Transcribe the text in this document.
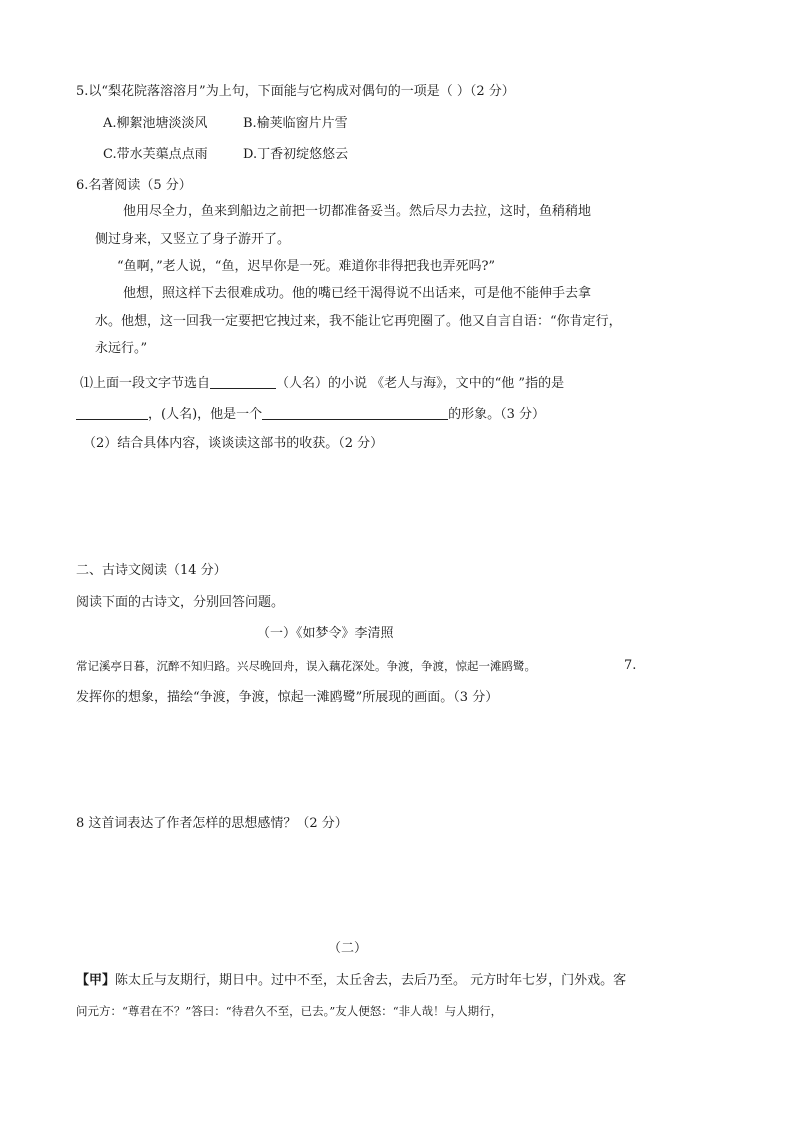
5.以“梨花院落溶溶月”为上句，下面能与它构成对偶句的一项是（ ）（2 分）
A.柳絮池塘淡淡风	B.榆荚临窗片片雪
C.带水芙蕖点点雨	D.丁香初绽悠悠云
6.名著阅读（5 分）
他用尽全力，鱼来到船边之前把一切都准备妥当。然后尽力去拉，这时，鱼稍稍地
侧过身来，又竖立了身子游开了。
“鱼啊，”老人说，“鱼，迟早你是一死。难道你非得把我也弄死吗?”
他想，照这样下去很难成功。他的嘴已经干渴得说不出话来，可是他不能伸手去拿
水。他想，这一回我一定要把它拽过来，我不能让它再兜圈了。他又自言自语：“你肯定行，
永远行。”
⑴上面一段文字节选自	（人名）的小说 《老人与海》，文中的“他 ”指的是
，(人名)，他是一个	的形象。（3 分）
（2）结合具体内容，谈谈读这部书的收获。（2 分）
二、古诗文阅读（14 分）
阅读下面的古诗文，分别回答问题。
（一）《如梦令》李清照
常记溪亭日暮，沉醉不知归路。兴尽晚回舟，误入藕花深处。争渡，争渡，惊起一滩鸥鹭。	7.
发挥你的想象，描绘“争渡，争渡，惊起一滩鸥鹭”所展现的画面。（3 分）
8 这首词表达了作者怎样的思想感情？（2 分）
（二）
【甲】陈太丘与友期行，期日中。过中不至，太丘舍去，去后乃至。 元方时年七岁，门外戏。客
问元方：“尊君在不？”答曰：“待君久不至，已去。”友人便怒：“非人哉！与人期行，
